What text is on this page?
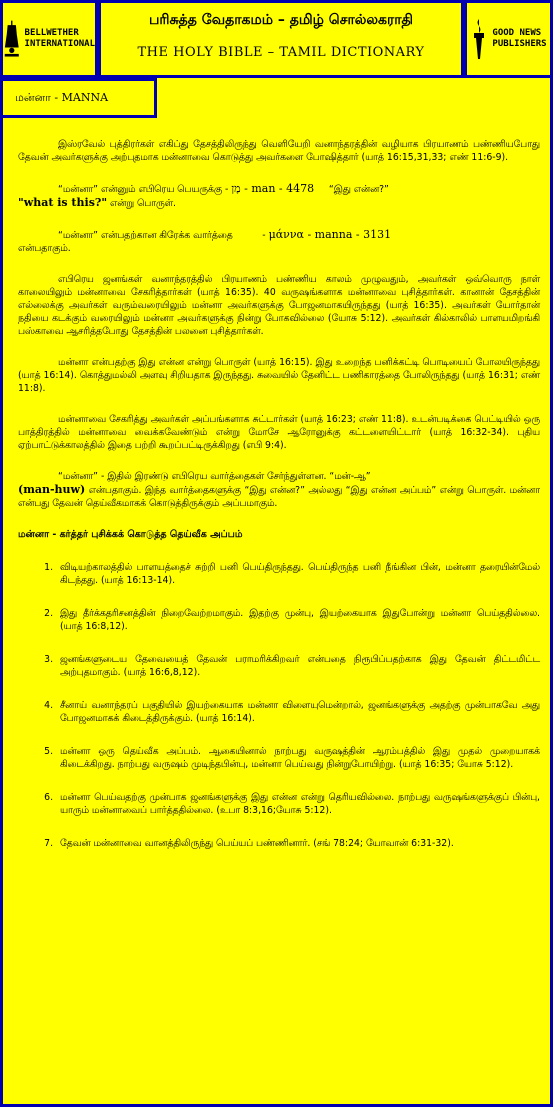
BELLWETHER
INTERNATIONAL
பரிசுத்த வேதாகமம் – தமிழ் சொல்லகராதி
THE HOLY BIBLE – TAMIL DICTIONARY
GOOD NEWS
PUBLISHERS
மன்னா - MANNA

இஸ்ரவேல் புத்திரர்கள் எகிப்து தேசத்திலிருந்து வெளியேறி வனாந்தரத்தின் வழியாக பிரயாணம் பண்ணியபோது தேவன் அவர்களுக்கு அற்புதமாக மன்னாவை கொடுத்து அவர்களை போஷித்தார் (யாத் 16:15,31,33; எண் 11:6-9).

“மன்னா” என்னும் எபிரெய பெயருக்கு - מָן - man - 4478 “இது என்ன?”
"what is this?" என்று பொருள்.

“மன்னா” என்பதற்கான கிரேக்க வார்த்தை          - μάννα - manna - 3131
என்பதாகும்.

எபிரெய ஜனங்கள் வனாந்தரத்தில் பிரயாணம் பண்ணிய காலம் முழுவதும், அவர்கள் ஒவ்வொரு நாள் காலையிலும் மன்னாவை சேகரித்தார்கள் (யாத் 16:35). 40 வருஷங்களாக மன்னாவை புசித்தார்கள். கானான் தேசத்தின் எல்லைக்கு அவர்கள் வரும்வரையிலும் மன்னா அவர்களுக்கு போஜனமாகயிருந்தது (யாத் 16:35). அவர்கள் யோர்தான் நதியை கடக்கும் வரையிலும் மன்னா அவர்களுக்கு நின்று போகவில்லை (யோசு 5:12). அவர்கள் கில்காலில் பாளயமிறங்கி பஸ்காவை ஆசரித்தபோது தேசத்தின் பலனை புசித்தார்கள்.

மன்னா என்பதற்கு இது என்ன என்று பொருள் (யாத் 16:15). இது உறைந்த பனிக்கட்டி பொடியைப் போலயிருந்தது (யாத் 16:14). கொத்துமல்லி அளவு சிறியதாக இருந்தது. சுவையில் தேனிட்ட பணிகாரத்தை போலிருந்தது (யாத் 16:31; எண் 11:8).

மன்னாவை சேகரித்து அவர்கள் அப்பங்களாக சுட்டார்கள் (யாத் 16:23; எண் 11:8). உடன்படிக்கை பெட்டியில் ஒரு பாத்திரத்தில் மன்னாவை வைக்கவேண்டும் என்று மோசே ஆரோனுக்கு கட்டளையிட்டார் (யாத் 16:32-34). புதிய ஏற்பாட்டுக்காலத்தில் இதை பற்றி கூறப்பட்டிருக்கிறது (எபி 9:4).

“மன்னா” - இதில் இரண்டு எபிரெய வார்த்தைகள் சேர்ந்துள்ளன. “மன்-ஆ”
(man-huw) என்பதாகும். இந்த வார்த்தைகளுக்கு “இது என்ன?” அல்லது “இது என்ன அப்பம்” என்று பொருள். மன்னா என்பது தேவன் தெய்வீகமாகக் கொடுத்திருக்கும் அப்பமாகும்.

மன்னா - கர்த்தர் புசிக்கக் கொடுத்த தெய்வீக அப்பம்
1. விடியற்காலத்தில் பாளயத்தைச் சுற்றி பனி பெய்திருந்தது. பெய்திருந்த பனி நீங்கின பின், மன்னா தரையின்மேல் கிடந்தது. (யாத் 16:13-14).
2. இது தீர்க்கதரிசனத்தின் நிறைவேற்றமாகும். இதற்கு முன்பு, இயற்கையாக இதுபோன்று மன்னா பெய்ததில்லை. (யாத் 16:8,12).
3. ஜனங்களுடைய தேவையைத் தேவன் பராமரிக்கிறவர் என்பதை நிரூபிப்பதற்காக இது தேவன் திட்டமிட்ட அற்புதமாகும். (யாத் 16:6,8,12).
4. சீனாய் வனாந்தரப் பகுதியில் இயற்கையாக மன்னா விளையுமென்றால், ஜனங்களுக்கு அதற்கு முன்பாகவே அது போஜனமாகக் கிடைத்திருக்கும். (யாத் 16:14).
5. மன்னா ஒரு தெய்வீக அப்பம். ஆகையினால் நாற்பது வருஷத்தின் ஆரம்பத்தில் இது முதல் முறையாகக் கிடைக்கிறது. நாற்பது வருஷம் முடிந்தபின்பு, மன்னா பெய்வது நின்றுபோயிற்று. (யாத் 16:35; யோசு 5:12).
6. மன்னா பெய்வதற்கு முன்பாக ஜனங்களுக்கு இது என்ன என்று தெரியவில்லை. நாற்பது வருஷங்களுக்குப் பின்பு, யாரும் மன்னாவைப் பார்த்ததில்லை. (உபா 8:3,16;யோசு 5:12).
7. தேவன் மன்னாவை வானத்திலிருந்து பெய்யப் பண்ணினார். (சங் 78:24; யோவான் 6:31-32).
